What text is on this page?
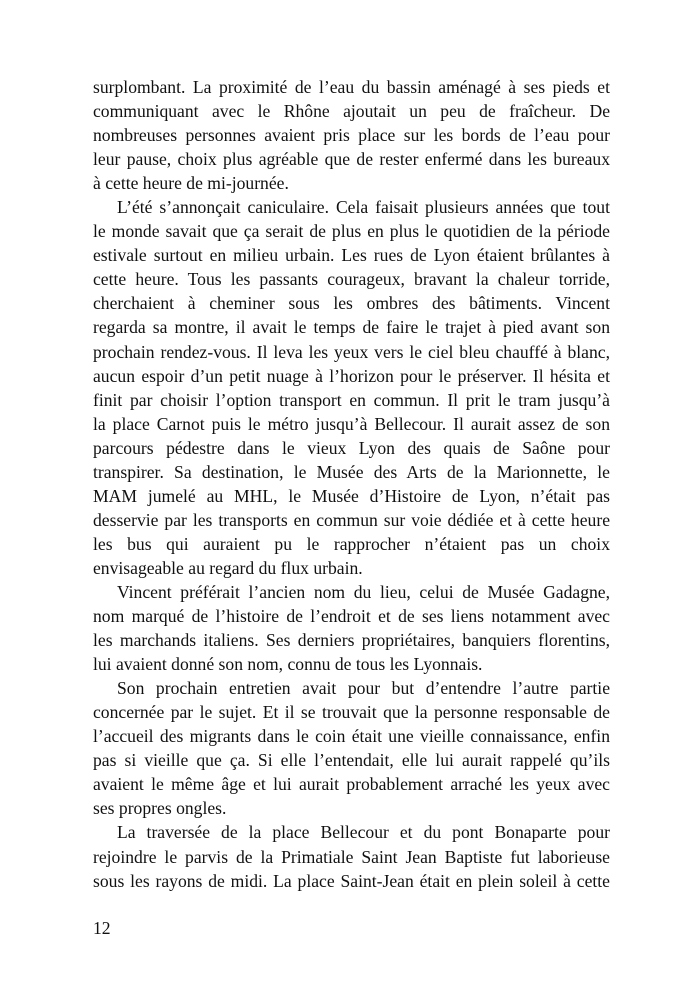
surplombant. La proximité de l’eau du bassin aménagé à ses pieds et
communiquant avec le Rhône ajoutait un peu de fraîcheur. De
nombreuses personnes avaient pris place sur les bords de l’eau pour
leur pause, choix plus agréable que de rester enfermé dans les bureaux
à cette heure de mi-journée.
L’été s’annonçait caniculaire. Cela faisait plusieurs années que tout
le monde savait que ça serait de plus en plus le quotidien de la période
estivale surtout en milieu urbain. Les rues de Lyon étaient brûlantes à
cette heure. Tous les passants courageux, bravant la chaleur torride,
cherchaient à cheminer sous les ombres des bâtiments. Vincent
regarda sa montre, il avait le temps de faire le trajet à pied avant son
prochain rendez-vous. Il leva les yeux vers le ciel bleu chauffé à blanc,
aucun espoir d’un petit nuage à l’horizon pour le préserver. Il hésita et
finit par choisir l’option transport en commun. Il prit le tram jusqu’à
la place Carnot puis le métro jusqu’à Bellecour. Il aurait assez de son
parcours pédestre dans le vieux Lyon des quais de Saône pour
transpirer. Sa destination, le Musée des Arts de la Marionnette, le
MAM jumelé au MHL, le Musée d’Histoire de Lyon, n’était pas
desservie par les transports en commun sur voie dédiée et à cette heure
les bus qui auraient pu le rapprocher n’étaient pas un choix
envisageable au regard du flux urbain.
Vincent préférait l’ancien nom du lieu, celui de Musée Gadagne,
nom marqué de l’histoire de l’endroit et de ses liens notamment avec
les marchands italiens. Ses derniers propriétaires, banquiers florentins,
lui avaient donné son nom, connu de tous les Lyonnais.
Son prochain entretien avait pour but d’entendre l’autre partie
concernée par le sujet. Et il se trouvait que la personne responsable de
l’accueil des migrants dans le coin était une vieille connaissance, enfin
pas si vieille que ça. Si elle l’entendait, elle lui aurait rappelé qu’ils
avaient le même âge et lui aurait probablement arraché les yeux avec
ses propres ongles.
La traversée de la place Bellecour et du pont Bonaparte pour
rejoindre le parvis de la Primatiale Saint Jean Baptiste fut laborieuse
sous les rayons de midi. La place Saint-Jean était en plein soleil à cette
12
